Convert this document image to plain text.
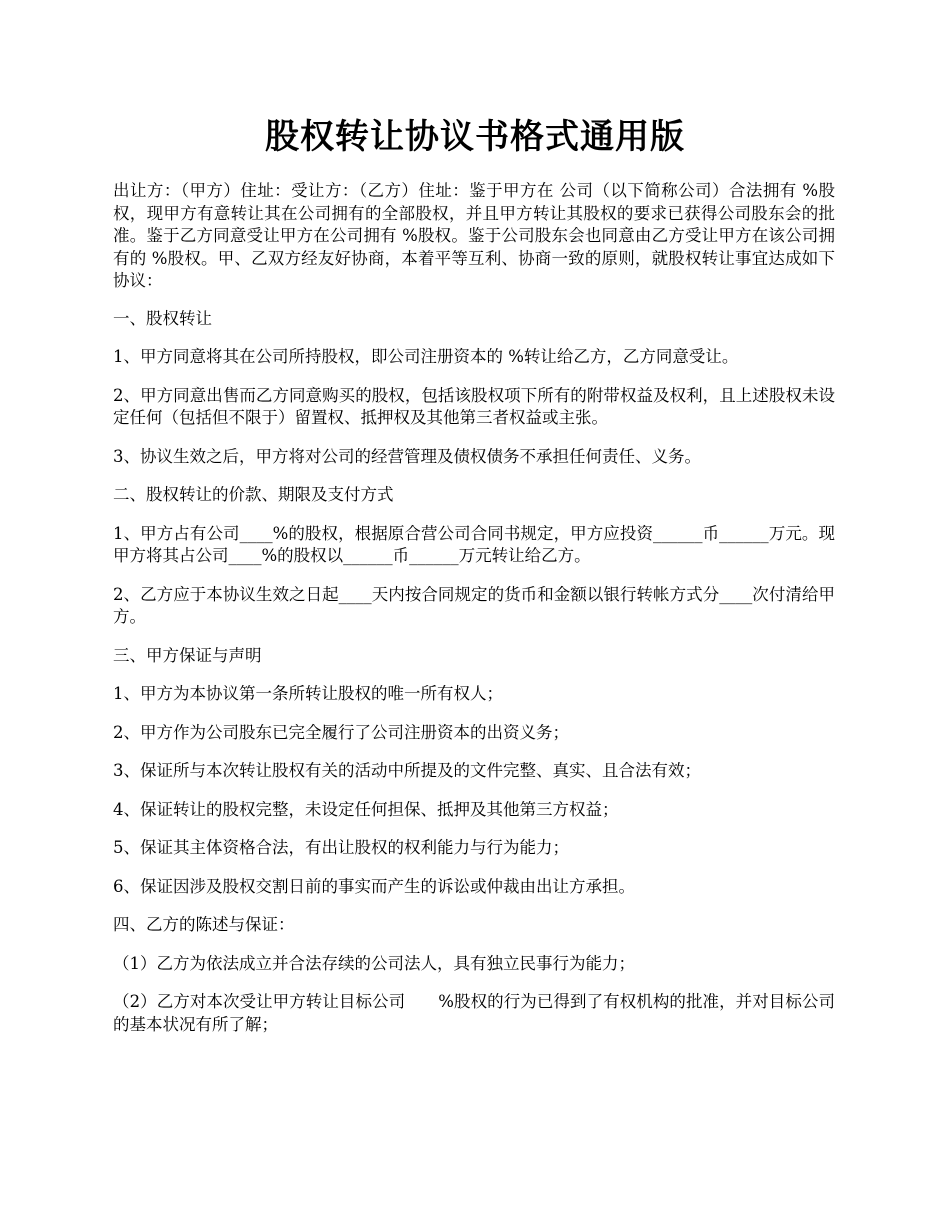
股权转让协议书格式通用版

出让方：（甲方）住址：受让方：（乙方）住址：鉴于甲方在 公司（以下简称公司）合法拥有 %股权，现甲方有意转让其在公司拥有的全部股权，并且甲方转让其股权的要求已获得公司股东会的批准。鉴于乙方同意受让甲方在公司拥有 %股权。鉴于公司股东会也同意由乙方受让甲方在该公司拥有的 %股权。甲、乙双方经友好协商，本着平等互利、协商一致的原则，就股权转让事宜达成如下协议：

一、股权转让

1、甲方同意将其在公司所持股权，即公司注册资本的 %转让给乙方，乙方同意受让。

2、甲方同意出售而乙方同意购买的股权，包括该股权项下所有的附带权益及权利，且上述股权未设定任何（包括但不限于）留置权、抵押权及其他第三者权益或主张。

3、协议生效之后，甲方将对公司的经营管理及债权债务不承担任何责任、义务。

二、股权转让的价款、期限及支付方式

1、甲方占有公司____%的股权，根据原合营公司合同书规定，甲方应投资______币______万元。现甲方将其占公司____%的股权以______币______万元转让给乙方。

2、乙方应于本协议生效之日起____天内按合同规定的货币和金额以银行转帐方式分____次付清给甲方。

三、甲方保证与声明

1、甲方为本协议第一条所转让股权的唯一所有权人；

2、甲方作为公司股东已完全履行了公司注册资本的出资义务；

3、保证所与本次转让股权有关的活动中所提及的文件完整、真实、且合法有效；

4、保证转让的股权完整，未设定任何担保、抵押及其他第三方权益；

5、保证其主体资格合法，有出让股权的权利能力与行为能力；

6、保证因涉及股权交割日前的事实而产生的诉讼或仲裁由出让方承担。

四、乙方的陈述与保证：

（1）乙方为依法成立并合法存续的公司法人，具有独立民事行为能力；

（2）乙方对本次受让甲方转让目标公司　　%股权的行为已得到了有权机构的批准，并对目标公司的基本状况有所了解；
